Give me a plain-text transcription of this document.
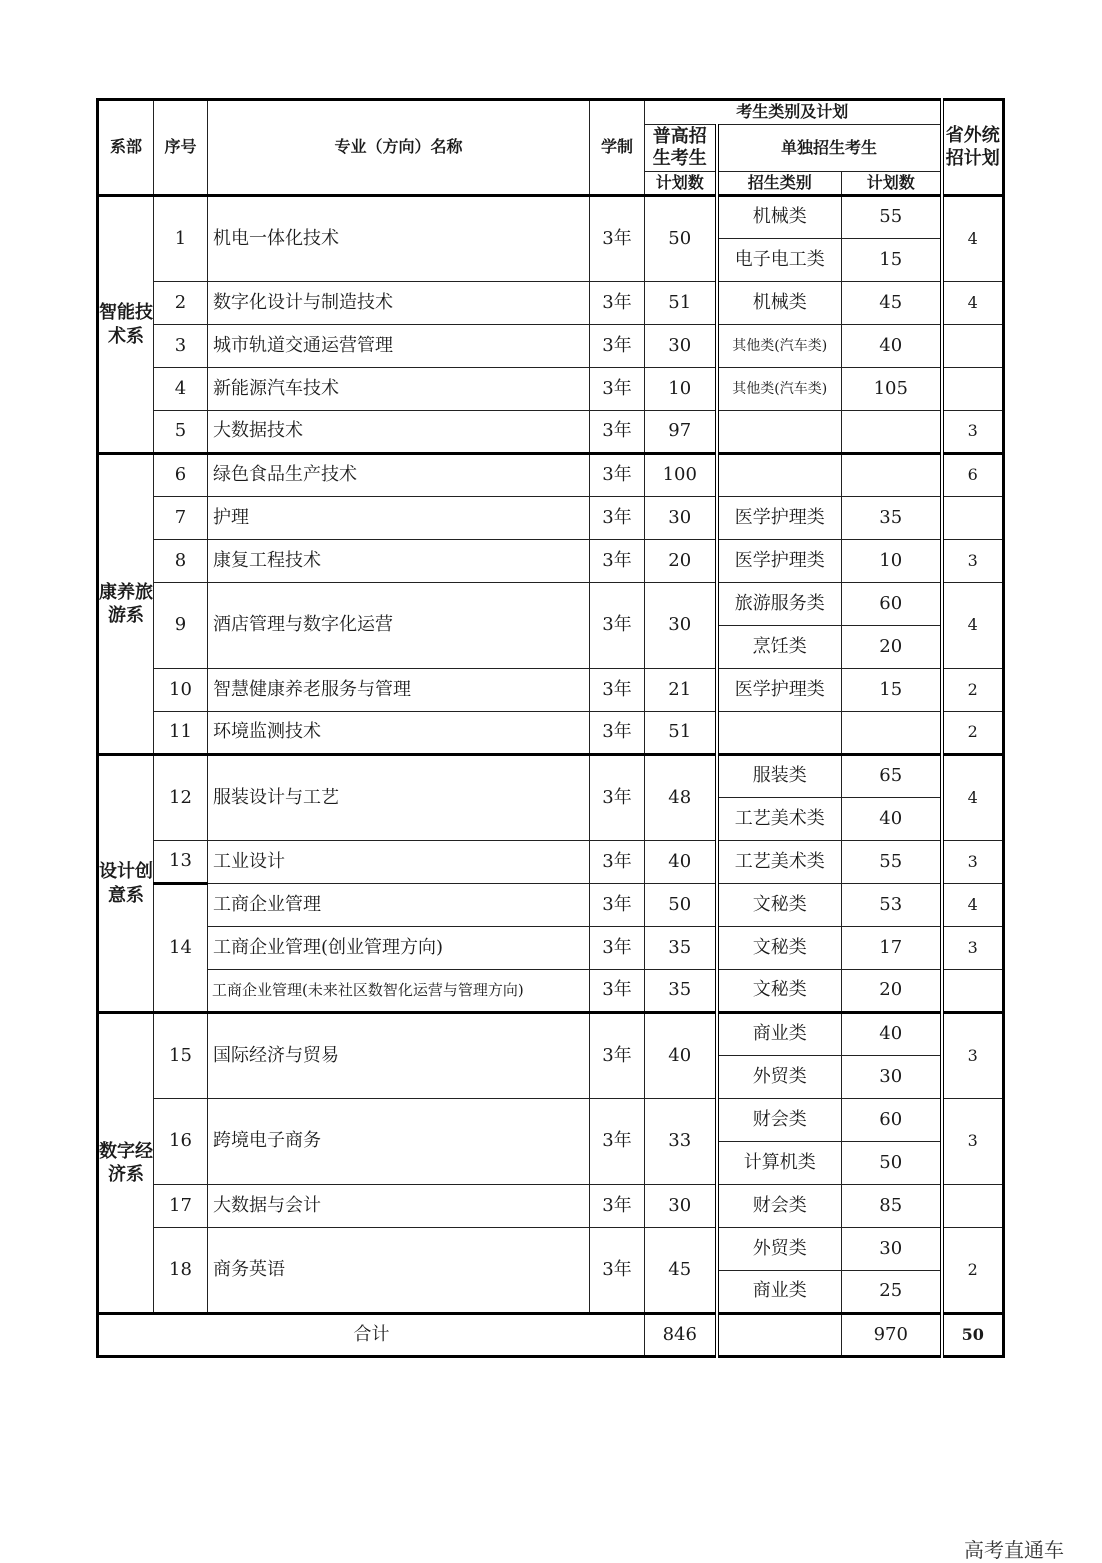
系部	序号	专业（方向）名称	学制	考生类别及计划			省外统招计划
				普高招生考生	单独招生考生		
				计划数	招生类别	计划数	
智能技术系	1	机电一体化技术	3年	50	机械类	55	4
					电子电工类	15	
	2	数字化设计与制造技术	3年	51	机械类	45	4
	3	城市轨道交通运营管理	3年	30	其他类(汽车类)	40	
	4	新能源汽车技术	3年	10	其他类(汽车类)	105	
	5	大数据技术	3年	97			3
康养旅游系	6	绿色食品生产技术	3年	100			6
	7	护理	3年	30	医学护理类	35	
	8	康复工程技术	3年	20	医学护理类	10	3
	9	酒店管理与数字化运营	3年	30	旅游服务类	60	4
					烹饪类	20	
	10	智慧健康养老服务与管理	3年	21	医学护理类	15	2
	11	环境监测技术	3年	51			2
设计创意系	12	服装设计与工艺	3年	48	服装类	65	4
					工艺美术类	40	
	13	工业设计	3年	40	工艺美术类	55	3
	14	工商企业管理	3年	50	文秘类	53	4
		工商企业管理(创业管理方向)	3年	35	文秘类	17	3
		工商企业管理(未来社区数智化运营与管理方向)	3年	35	文秘类	20	
数字经济系	15	国际经济与贸易	3年	40	商业类	40	3
					外贸类	30	
	16	跨境电子商务	3年	33	财会类	60	3
					计算机类	50	
	17	大数据与会计	3年	30	财会类	85	
	18	商务英语	3年	45	外贸类	30	2
					商业类	25	
合计				846		970	50
高考直通车
